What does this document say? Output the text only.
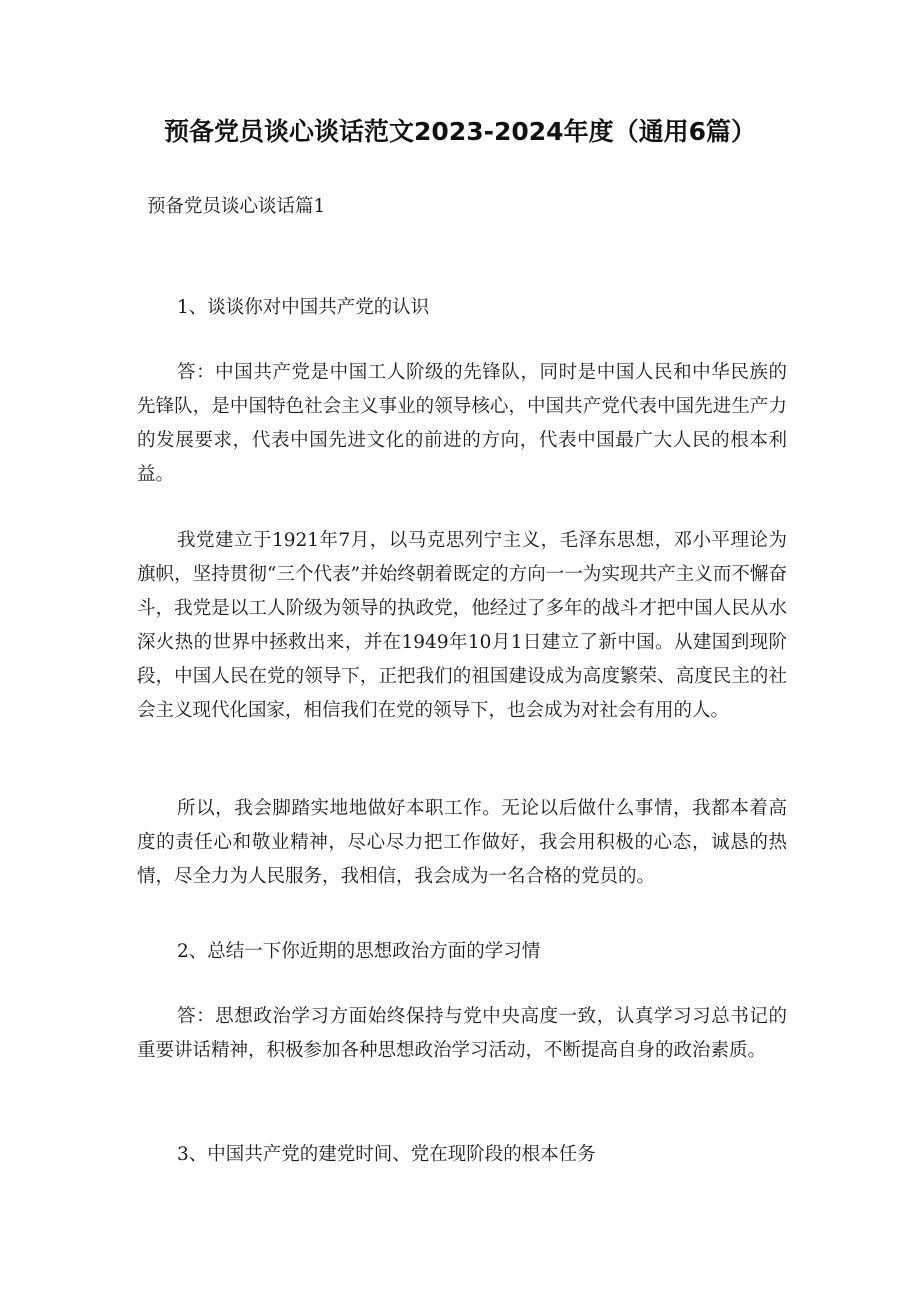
预备党员谈心谈话范文2023-2024年度（通用6篇）
预备党员谈心谈话篇1
1、谈谈你对中国共产党的认识

答：中国共产党是中国工人阶级的先锋队，同时是中国人民和中华民族的先锋队，是中国特色社会主义事业的领导核心，中国共产党代表中国先进生产力的发展要求，代表中国先进文化的前进的方向，代表中国最广大人民的根本利益。

我党建立于1921年7月，以马克思列宁主义，毛泽东思想，邓小平理论为旗帜，坚持贯彻“三个代表”并始终朝着既定的方向一一为实现共产主义而不懈奋斗，我党是以工人阶级为领导的执政党，他经过了多年的战斗才把中国人民从水深火热的世界中拯救出来，并在1949年10月1日建立了新中国。从建国到现阶段，中国人民在党的领导下，正把我们的祖国建设成为高度繁荣、高度民主的社会主义现代化国家，相信我们在党的领导下，也会成为对社会有用的人。

所以，我会脚踏实地地做好本职工作。无论以后做什么事情，我都本着高度的责任心和敬业精神，尽心尽力把工作做好，我会用积极的心态，诚恳的热情，尽全力为人民服务，我相信，我会成为一名合格的党员的。

2、总结一下你近期的思想政治方面的学习情

答：思想政治学习方面始终保持与党中央高度一致，认真学习习总书记的重要讲话精神，积极参加各种思想政治学习活动，不断提高自身的政治素质。

3、中国共产党的建党时间、党在现阶段的根本任务
